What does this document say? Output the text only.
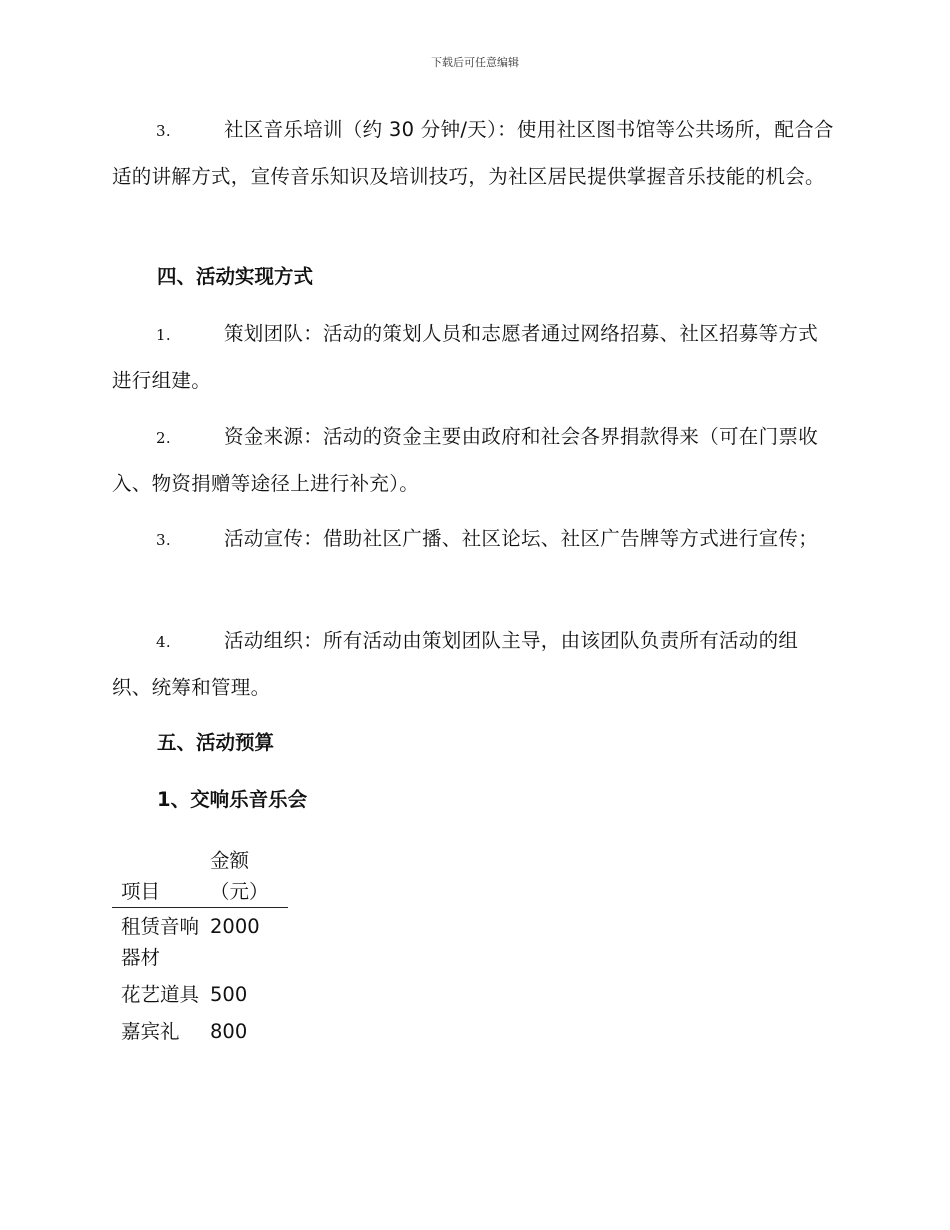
下载后可任意编辑
3.	社区音乐培训（约 30 分钟/天）：使用社区图书馆等公共场所，配合合适的讲解方式，宣传音乐知识及培训技巧，为社区居民提供掌握音乐技能的机会。
四、活动实现方式
1.	策划团队：活动的策划人员和志愿者通过网络招募、社区招募等方式进行组建。
2.	资金来源：活动的资金主要由政府和社会各界捐款得来（可在门票收入、物资捐赠等途径上进行补充）。
3.	活动宣传：借助社区广播、社区论坛、社区广告牌等方式进行宣传；
4.	活动组织：所有活动由策划团队主导，由该团队负责所有活动的组织、统筹和管理。
五、活动预算
1、交响乐音乐会
项目	金额（元）
租赁音响器材	2000
花艺道具	500
嘉宾礼	800
